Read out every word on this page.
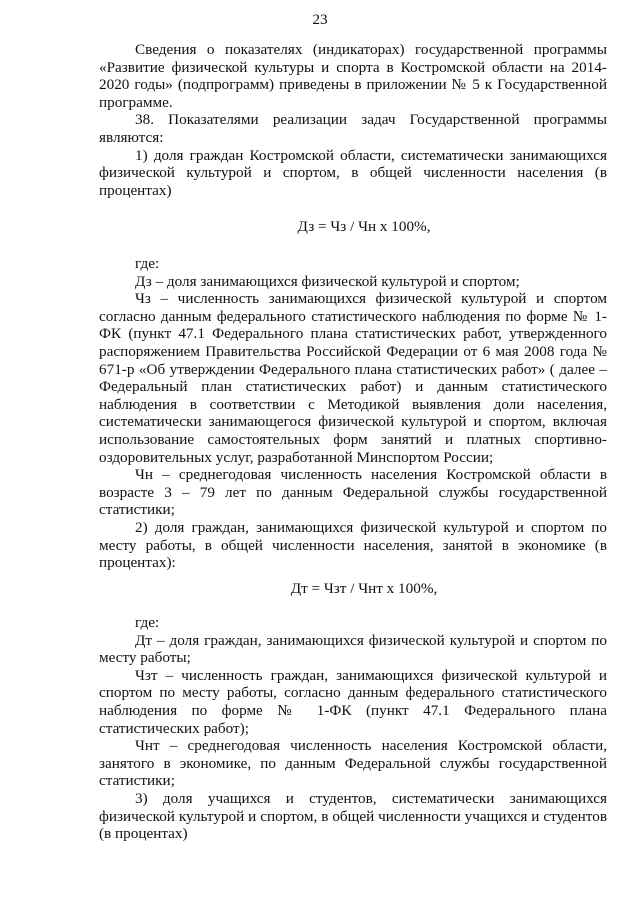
23

Сведения о показателях (индикаторах) государственной программы «Развитие физической культуры и спорта в Костромской области на 2014-2020 годы» (подпрограмм) приведены в приложении № 5 к Государственной программе.

38. Показателями реализации задач Государственной программы являются:

1) доля граждан Костромской области, систематически занимающихся физической культурой и спортом, в общей численности населения (в процентах)

Дз = Чз / Чн х 100%,

где:

Дз – доля занимающихся физической культурой и спортом;

Чз – численность занимающихся физической культурой и спортом согласно данным федерального статистического наблюдения по форме № 1-ФК (пункт 47.1 Федерального плана статистических работ, утвержденного распоряжением Правительства Российской Федерации от 6 мая 2008 года № 671-р «Об утверждении Федерального плана статистических работ» ( далее – Федеральный план статистических работ) и данным статистического наблюдения в соответствии с Методикой выявления доли населения, систематически занимающегося физической культурой и спортом, включая использование самостоятельных форм занятий и платных спортивно-оздоровительных услуг, разработанной Минспортом России;

Чн – среднегодовая численность населения Костромской области в возрасте 3 – 79 лет по данным Федеральной службы государственной статистики;

2) доля граждан, занимающихся физической культурой и спортом по месту работы, в общей численности населения, занятой в экономике (в процентах):

Дт = Чзт / Чнт х 100%,

где:

Дт – доля граждан, занимающихся физической культурой и спортом по месту работы;

Чзт – численность граждан, занимающихся физической культурой и спортом по месту работы, согласно данным федерального статистического наблюдения по форме № 1-ФК (пункт 47.1 Федерального плана статистических работ);

Чнт – среднегодовая численность населения Костромской области, занятого в экономике, по данным Федеральной службы государственной статистики;

3) доля учащихся и студентов, систематически занимающихся физической культурой и спортом, в общей численности учащихся и студентов (в процентах)
